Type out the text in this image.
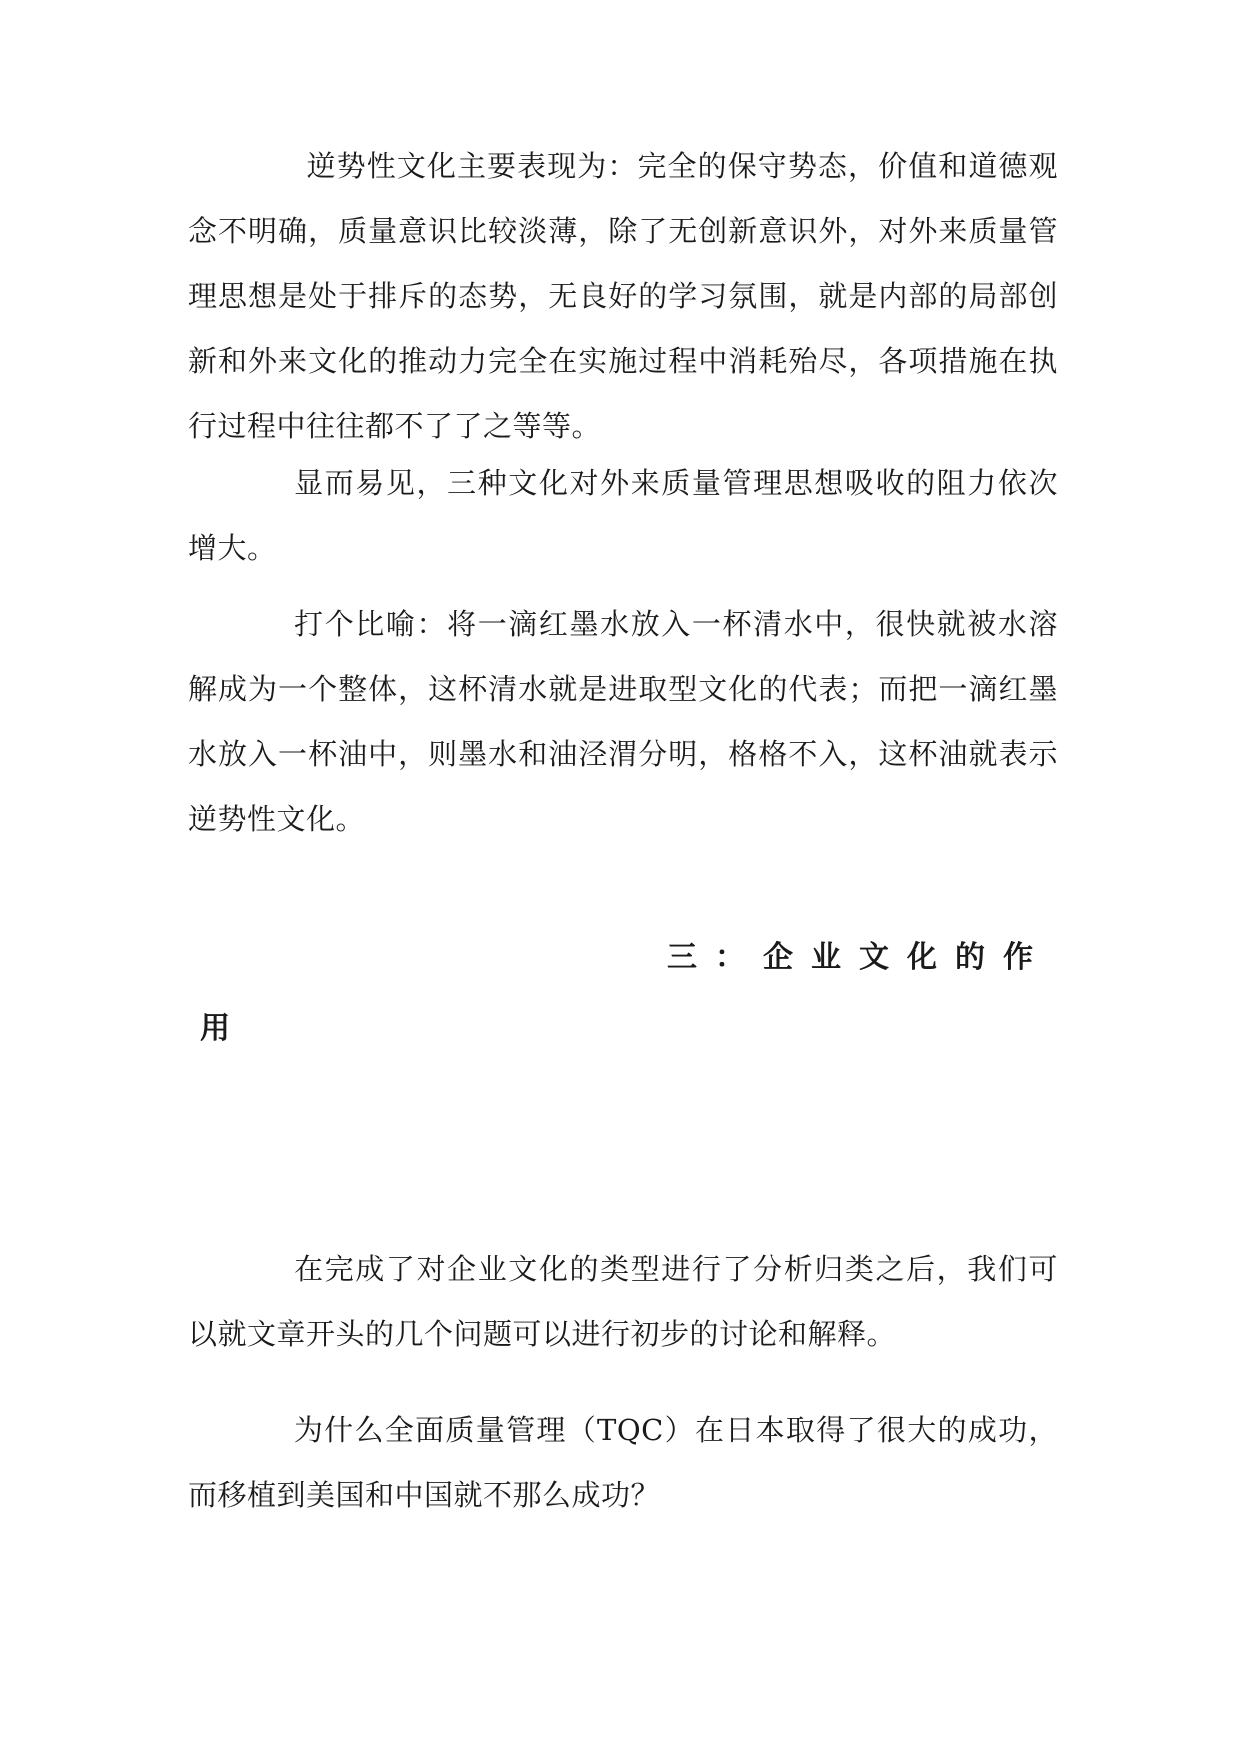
逆势性文化主要表现为：完全的保守势态，价值和道德观念不明确，质量意识比较淡薄，除了无创新意识外，对外来质量管理思想是处于排斥的态势，无良好的学习氛围，就是内部的局部创新和外来文化的推动力完全在实施过程中消耗殆尽，各项措施在执行过程中往往都不了了之等等。

显而易见，三种文化对外来质量管理思想吸收的阻力依次增大。

打个比喻：将一滴红墨水放入一杯清水中，很快就被水溶解成为一个整体，这杯清水就是进取型文化的代表；而把一滴红墨水放入一杯油中，则墨水和油泾渭分明，格格不入，这杯油就表示逆势性文化。

三：企业文化的作
用

在完成了对企业文化的类型进行了分析归类之后，我们可以就文章开头的几个问题可以进行初步的讨论和解释。

为什么全面质量管理（TQC）在日本取得了很大的成功，而移植到美国和中国就不那么成功？
